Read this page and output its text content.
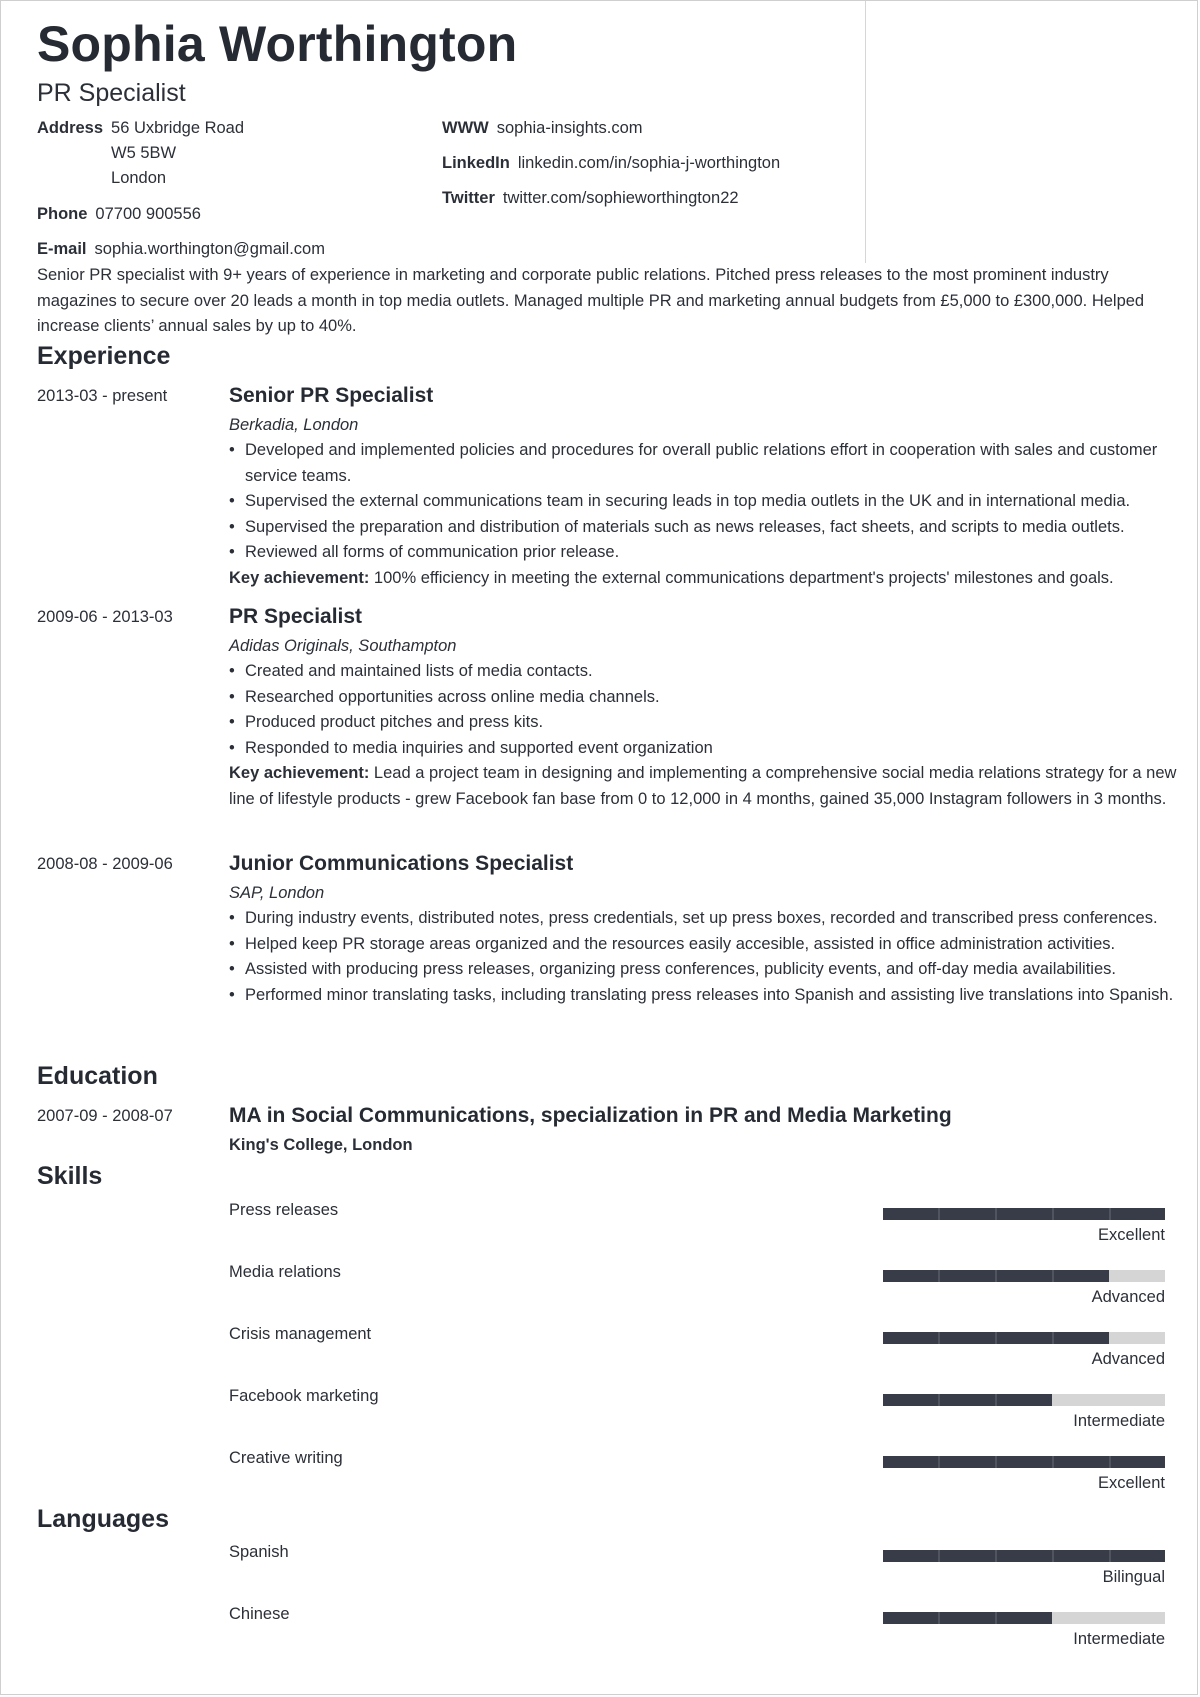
Sophia Worthington
PR Specialist
Address 56 Uxbridge Road
W5 5BW
London
Phone 07700 900556
E-mail sophia.worthington@gmail.com
WWW sophia-insights.com
LinkedIn linkedin.com/in/sophia-j-worthington
Twitter twitter.com/sophieworthington22
Senior PR specialist with 9+ years of experience in marketing and corporate public relations. Pitched press releases to the most prominent industry magazines to secure over 20 leads a month in top media outlets. Managed multiple PR and marketing annual budgets from £5,000 to £300,000. Helped increase clients’ annual sales by up to 40%.
Experience
2013-03 - present	Senior PR Specialist
Berkadia, London
• Developed and implemented policies and procedures for overall public relations effort in cooperation with sales and customer service teams.
• Supervised the external communications team in securing leads in top media outlets in the UK and in international media.
• Supervised the preparation and distribution of materials such as news releases, fact sheets, and scripts to media outlets.
• Reviewed all forms of communication prior release.
Key achievement: 100% efficiency in meeting the external communications department's projects' milestones and goals.
2009-06 - 2013-03	PR Specialist
Adidas Originals, Southampton
• Created and maintained lists of media contacts.
• Researched opportunities across online media channels.
• Produced product pitches and press kits.
• Responded to media inquiries and supported event organization
Key achievement: Lead a project team in designing and implementing a comprehensive social media relations strategy for a new line of lifestyle products - grew Facebook fan base from 0 to 12,000 in 4 months, gained 35,000 Instagram followers in 3 months.
2008-08 - 2009-06	Junior Communications Specialist
SAP, London
• During industry events, distributed notes, press credentials, set up press boxes, recorded and transcribed press conferences.
• Helped keep PR storage areas organized and the resources easily accesible, assisted in office administration activities.
• Assisted with producing press releases, organizing press conferences, publicity events, and off-day media availabilities.
• Performed minor translating tasks, including translating press releases into Spanish and assisting live translations into Spanish.
Education
2007-09 - 2008-07	MA in Social Communications, specialization in PR and Media Marketing
King's College, London
Skills
Press releases
Excellent
Media relations
Advanced
Crisis management
Advanced
Facebook marketing
Intermediate
Creative writing
Excellent
Languages
Spanish
Bilingual
Chinese
Intermediate
